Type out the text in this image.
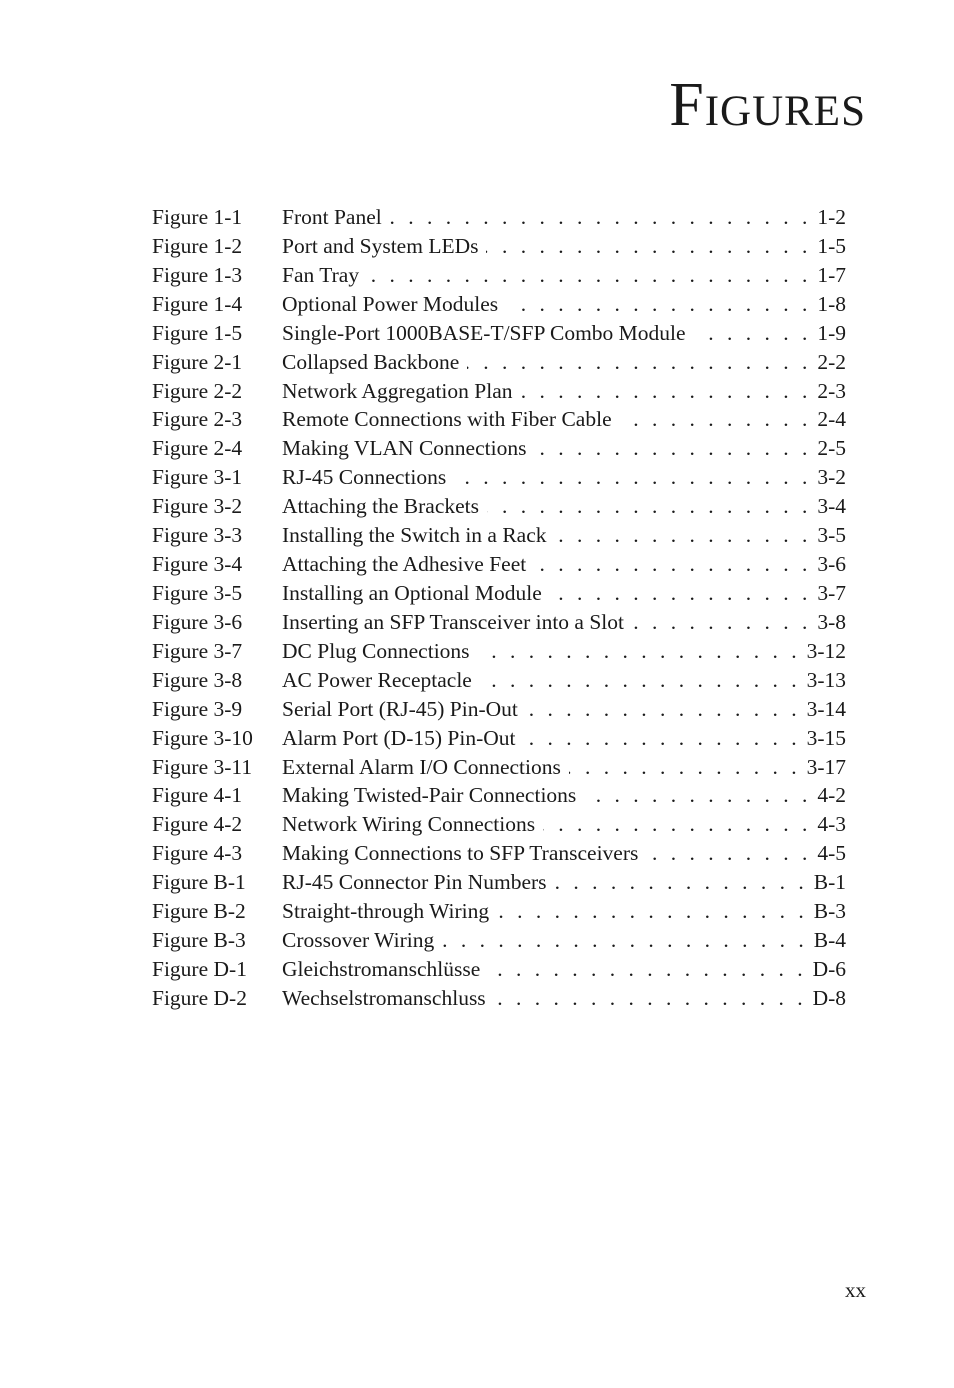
Figures
Figure 1-1	Front Panel . . .	1-2
Figure 1-2	Port and System LEDs . . .	1-5
Figure 1-3	Fan Tray . . .	1-7
Figure 1-4	Optional Power Modules . . .	1-8
Figure 1-5	Single-Port 1000BASE-T/SFP Combo Module . . .	1-9
Figure 2-1	Collapsed Backbone . . .	2-2
Figure 2-2	Network Aggregation Plan . . .	2-3
Figure 2-3	Remote Connections with Fiber Cable . . .	2-4
Figure 2-4	Making VLAN Connections . . .	2-5
Figure 3-1	RJ-45 Connections . . .	3-2
Figure 3-2	Attaching the Brackets . . .	3-4
Figure 3-3	Installing the Switch in a Rack . . .	3-5
Figure 3-4	Attaching the Adhesive Feet . . .	3-6
Figure 3-5	Installing an Optional Module . . .	3-7
Figure 3-6	Inserting an SFP Transceiver into a Slot . . .	3-8
Figure 3-7	DC Plug Connections . . .	3-12
Figure 3-8	AC Power Receptacle . . .	3-13
Figure 3-9	Serial Port (RJ-45) Pin-Out . . .	3-14
Figure 3-10	Alarm Port (D-15) Pin-Out . . .	3-15
Figure 3-11	External Alarm I/O Connections . . .	3-17
Figure 4-1	Making Twisted-Pair Connections . . .	4-2
Figure 4-2	Network Wiring Connections . . .	4-3
Figure 4-3	Making Connections to SFP Transceivers . . .	4-5
Figure B-1	RJ-45 Connector Pin Numbers . . .	B-1
Figure B-2	Straight-through Wiring . . .	B-3
Figure B-3	Crossover Wiring . . .	B-4
Figure D-1	Gleichstromanschlüsse . . .	D-6
Figure D-2	Wechselstromanschluss . . .	D-8

xx
